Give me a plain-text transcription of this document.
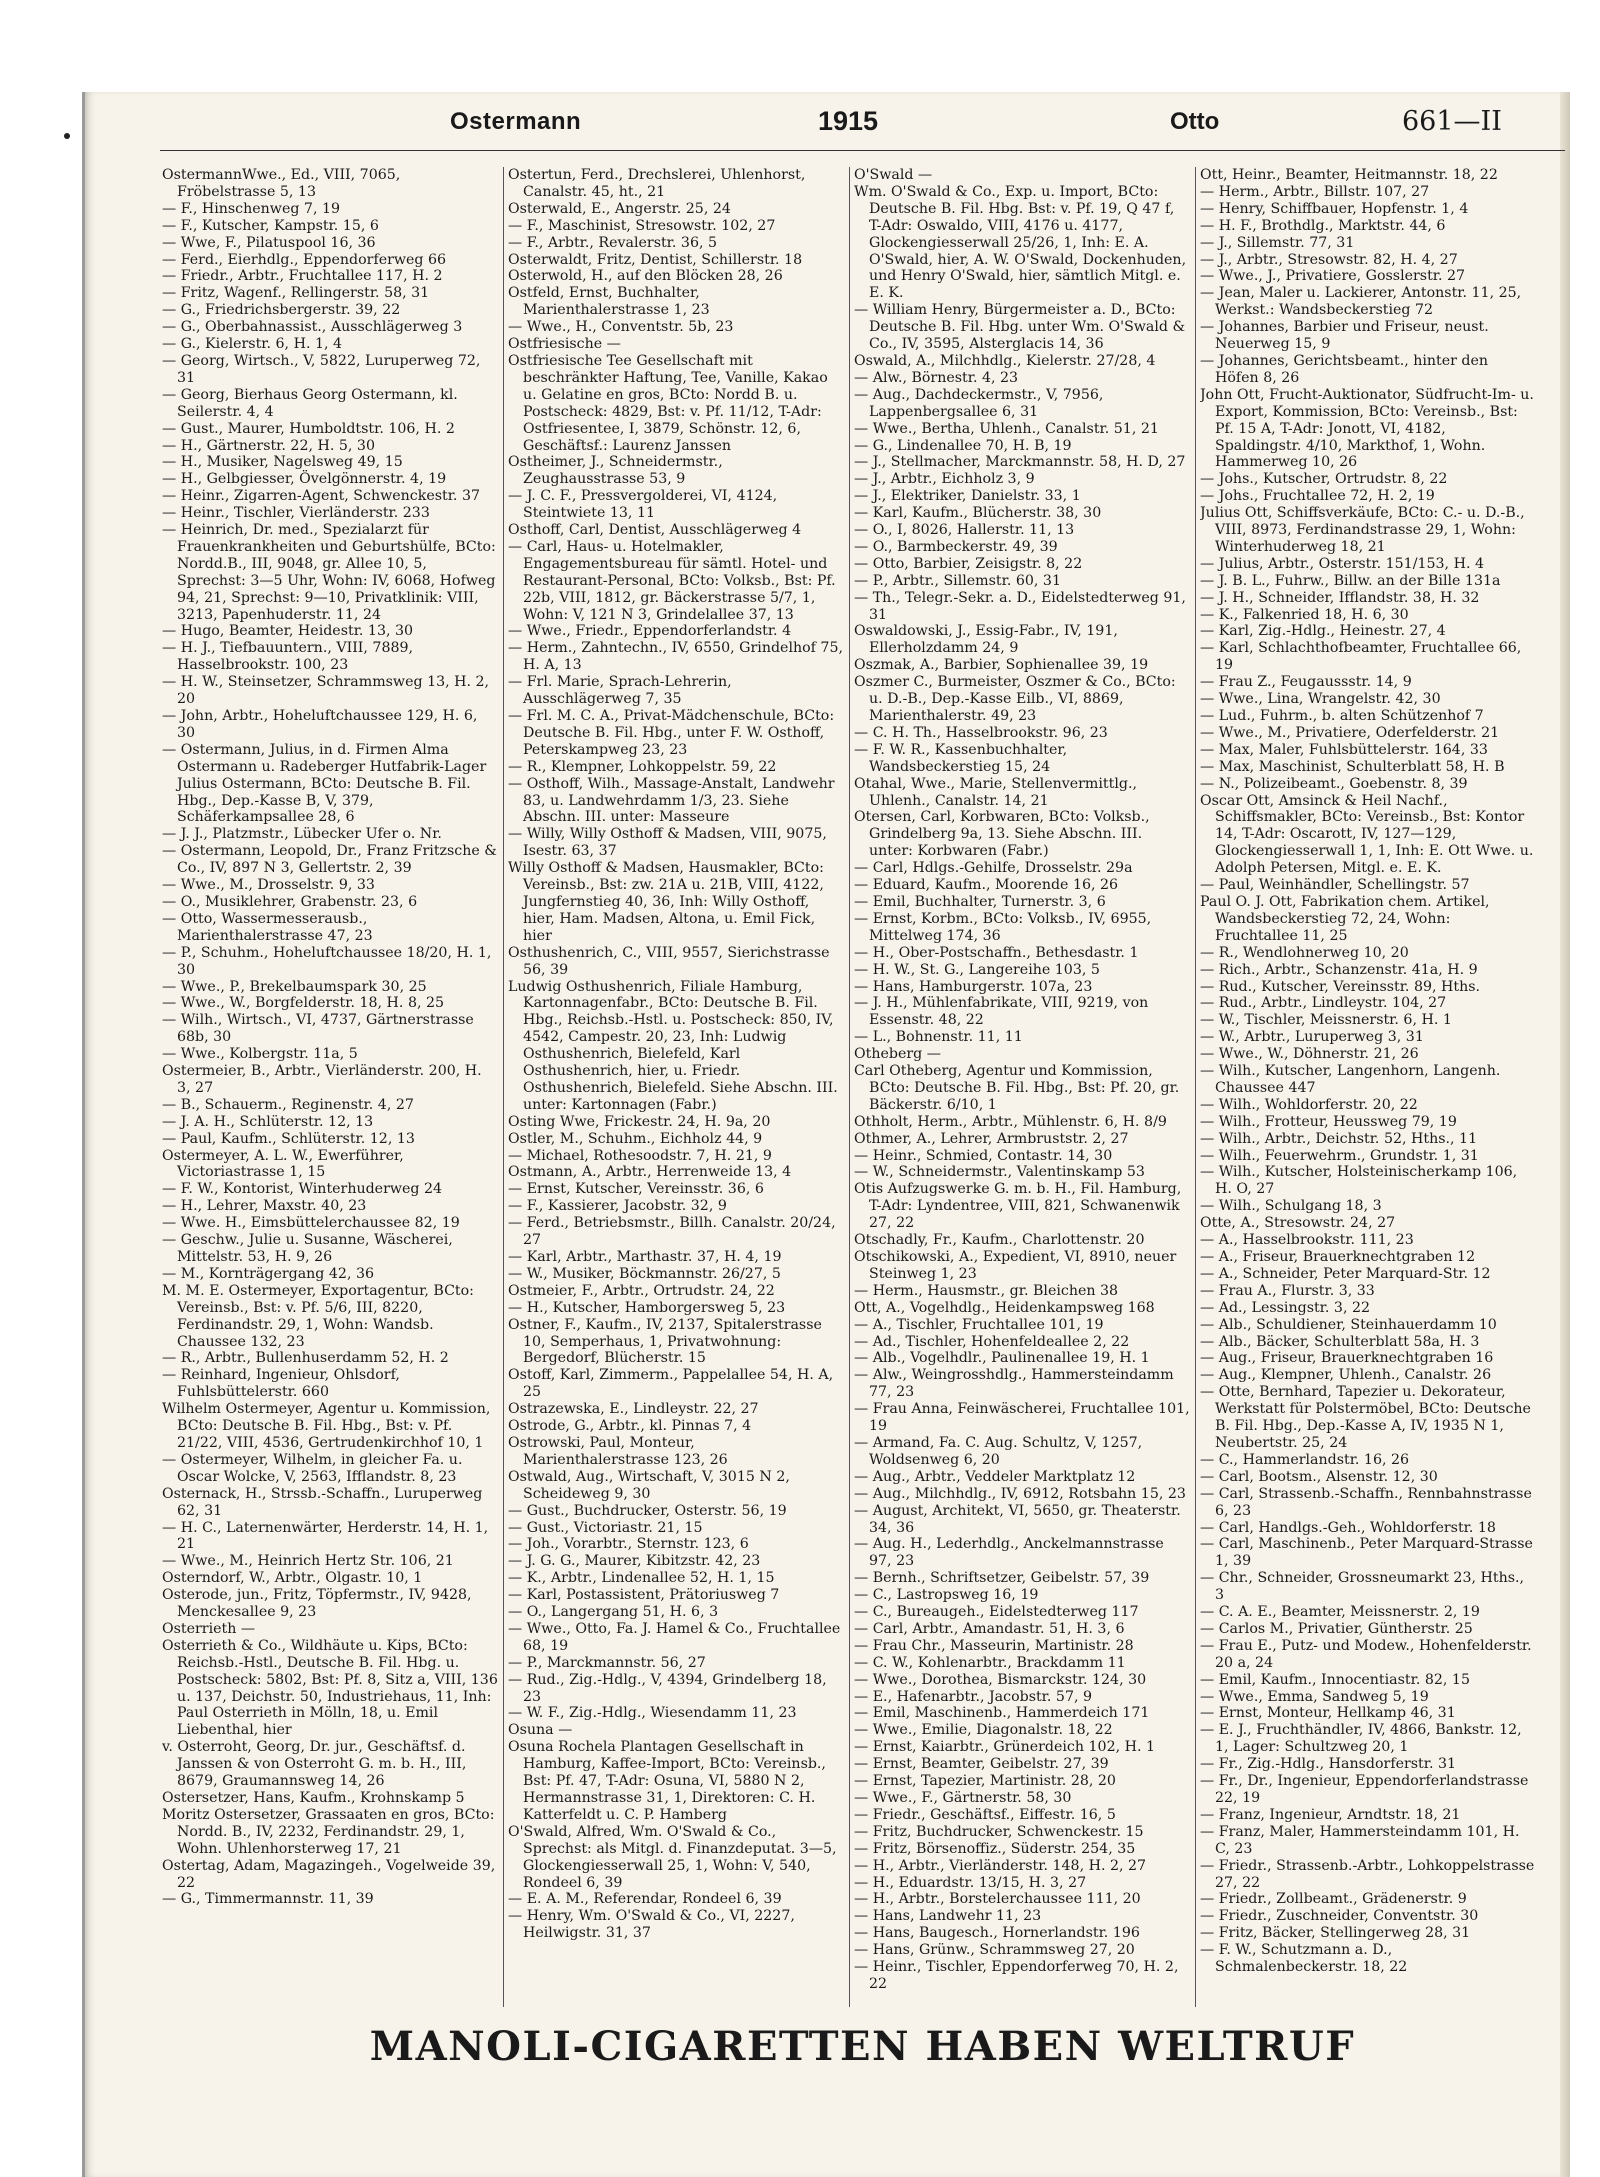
Ostermann	1915	Otto	661—II

OstermannWwe., Ed., VIII, 7065, Fröbelstrasse 5, 13

— F., Hinschenweg 7, 19

— F., Kutscher, Kampstr. 15, 6

— Wwe, F., Pilatuspool 16, 36

— Ferd., Eierhdlg., Eppendorferweg 66

— Friedr., Arbtr., Fruchtallee 117, H. 2

— Fritz, Wagenf., Rellingerstr. 58, 31

— G., Friedrichsbergerstr. 39, 22

— G., Oberbahnassist., Ausschlägerweg 3

— G., Kielerstr. 6, H. 1, 4

— Georg, Wirtsch., V, 5822, Luruperweg 72, 31

— Georg, Bierhaus Georg Ostermann, kl. Seilerstr. 4, 4

— Gust., Maurer, Humboldtstr. 106, H. 2

— H., Gärtnerstr. 22, H. 5, 30

— H., Musiker, Nagelsweg 49, 15

— H., Gelbgiesser, Övelgönnerstr. 4, 19

— Heinr., Zigarren-Agent, Schwenckestr. 37

— Heinr., Tischler, Vierländerstr. 233

— Heinrich, Dr. med., Spezialarzt für Frauenkrankheiten und Geburtshülfe, BCto: Nordd.B., III, 9048, gr. Allee 10, 5, Sprechst: 3—5 Uhr, Wohn: IV, 6068, Hofweg 94, 21, Sprechst: 9—10, Privatklinik: VIII, 3213, Papenhuderstr. 11, 24

— Hugo, Beamter, Heidestr. 13, 30

— H. J., Tiefbauuntern., VIII, 7889, Hasselbrookstr. 100, 23

— H. W., Steinsetzer, Schrammsweg 13, H. 2, 20

— John, Arbtr., Hoheluftchaussee 129, H. 6, 30

— Ostermann, Julius, in d. Firmen Alma Ostermann u. Radeberger Hutfabrik-Lager Julius Ostermann, BCto: Deutsche B. Fil. Hbg., Dep.-Kasse B, V, 379, Schäferkampsallee 28, 6

— J. J., Platzmstr., Lübecker Ufer o. Nr.

— Ostermann, Leopold, Dr., Franz Fritzsche & Co., IV, 897 N 3, Gellertstr. 2, 39

— Wwe., M., Drosselstr. 9, 33

— O., Musiklehrer, Grabenstr. 23, 6

— Otto, Wassermesserausb., Marienthalerstrasse 47, 23

— P., Schuhm., Hoheluftchaussee 18/20, H. 1, 30

— Wwe., P., Brekelbaumspark 30, 25

— Wwe., W., Borgfelderstr. 18, H. 8, 25

— Wilh., Wirtsch., VI, 4737, Gärtnerstrasse 68b, 30

— Wwe., Kolbergstr. 11a, 5

Ostermeier, B., Arbtr., Vierländerstr. 200, H. 3, 27

— B., Schauerm., Reginenstr. 4, 27

— J. A. H., Schlüterstr. 12, 13

— Paul, Kaufm., Schlüterstr. 12, 13

Ostermeyer, A. L. W., Ewerführer, Victoriastrasse 1, 15

— F. W., Kontorist, Winterhuderweg 24

— H., Lehrer, Maxstr. 40, 23

— Wwe. H., Eimsbüttelerchaussee 82, 19

— Geschw., Julie u. Susanne, Wäscherei, Mittelstr. 53, H. 9, 26

— M., Kornträgergang 42, 36

M. M. E. Ostermeyer, Exportagentur, BCto: Vereinsb., Bst: v. Pf. 5/6, III, 8220, Ferdinandstr. 29, 1, Wohn: Wandsb. Chaussee 132, 23

— R., Arbtr., Bullenhuserdamm 52, H. 2

— Reinhard, Ingenieur, Ohlsdorf, Fuhlsbüttelerstr. 660

Wilhelm Ostermeyer, Agentur u. Kommission, BCto: Deutsche B. Fil. Hbg., Bst: v. Pf. 21/22, VIII, 4536, Gertrudenkirchhof 10, 1

— Ostermeyer, Wilhelm, in gleicher Fa. u. Oscar Wolcke, V, 2563, Ifflandstr. 8, 23

Osternack, H., Strssb.-Schaffn., Luruperweg 62, 31

— H. C., Laternenwärter, Herderstr. 14, H. 1, 21

— Wwe., M., Heinrich Hertz Str. 106, 21

Osterndorf, W., Arbtr., Olgastr. 10, 1

Osterode, jun., Fritz, Töpfermstr., IV, 9428, Menckesallee 9, 23

Osterrieth —

Osterrieth & Co., Wildhäute u. Kips, BCto: Reichsb.-Hstl., Deutsche B. Fil. Hbg. u. Postscheck: 5802, Bst: Pf. 8, Sitz a, VIII, 136 u. 137, Deichstr. 50, Industriehaus, 11, Inh: Paul Osterrieth in Mölln, 18, u. Emil Liebenthal, hier

v. Osterroht, Georg, Dr. jur., Geschäftsf. d. Janssen & von Osterroht G. m. b. H., III, 8679, Graumannsweg 14, 26

Ostersetzer, Hans, Kaufm., Krohnskamp 5

Moritz Ostersetzer, Grassaaten en gros, BCto: Nordd. B., IV, 2232, Ferdinandstr. 29, 1, Wohn. Uhlenhorsterweg 17, 21

Ostertag, Adam, Magazingeh., Vogelweide 39, 22

— G., Timmermannstr. 11, 39

Ostertun, Ferd., Drechslerei, Uhlenhorst, Canalstr. 45, ht., 21

Osterwald, E., Angerstr. 25, 24

— F., Maschinist, Stresowstr. 102, 27

— F., Arbtr., Revalerstr. 36, 5

Osterwaldt, Fritz, Dentist, Schillerstr. 18

Osterwold, H., auf den Blöcken 28, 26

Ostfeld, Ernst, Buchhalter, Marienthalerstrasse 1, 23

— Wwe., H., Conventstr. 5b, 23

Ostfriesische —

Ostfriesische Tee Gesellschaft mit beschränkter Haftung, Tee, Vanille, Kakao u. Gelatine en gros, BCto: Nordd B. u. Postscheck: 4829, Bst: v. Pf. 11/12, T-Adr: Ostfriesentee, I, 3879, Schönstr. 12, 6, Geschäftsf.: Laurenz Janssen

Ostheimer, J., Schneidermstr., Zeughausstrasse 53, 9

— J. C. F., Pressvergolderei, VI, 4124, Steintwiete 13, 11

Osthoff, Carl, Dentist, Ausschlägerweg 4

— Carl, Haus- u. Hotelmakler, Engagementsbureau für sämtl. Hotel- und Restaurant-Personal, BCto: Volksb., Bst: Pf. 22b, VIII, 1812, gr. Bäckerstrasse 5/7, 1, Wohn: V, 121 N 3, Grindelallee 37, 13

— Wwe., Friedr., Eppendorferlandstr. 4

— Herm., Zahntechn., IV, 6550, Grindelhof 75, H. A, 13

— Frl. Marie, Sprach-Lehrerin, Ausschlägerweg 7, 35

— Frl. M. C. A., Privat-Mädchenschule, BCto: Deutsche B. Fil. Hbg., unter F. W. Osthoff, Peterskampweg 23, 23

— R., Klempner, Lohkoppelstr. 59, 22

— Osthoff, Wilh., Massage-Anstalt, Landwehr 83, u. Landwehrdamm 1/3, 23. Siehe Abschn. III. unter: Masseure

— Willy, Willy Osthoff & Madsen, VIII, 9075, Isestr. 63, 37

Willy Osthoff & Madsen, Hausmakler, BCto: Vereinsb., Bst: zw. 21A u. 21B, VIII, 4122, Jungfernstieg 40, 36, Inh: Willy Osthoff, hier, Ham. Madsen, Altona, u. Emil Fick, hier

Osthushenrich, C., VIII, 9557, Sierichstrasse 56, 39

Ludwig Osthushenrich, Filiale Hamburg, Kartonnagenfabr., BCto: Deutsche B. Fil. Hbg., Reichsb.-Hstl. u. Postscheck: 850, IV, 4542, Campestr. 20, 23, Inh: Ludwig Osthushenrich, Bielefeld, Karl Osthushenrich, hier, u. Friedr. Osthushenrich, Bielefeld. Siehe Abschn. III. unter: Kartonnagen (Fabr.)

Osting Wwe, Frickestr. 24, H. 9a, 20

Ostler, M., Schuhm., Eichholz 44, 9

— Michael, Rothesoodstr. 7, H. 21, 9

Ostmann, A., Arbtr., Herrenweide 13, 4

— Ernst, Kutscher, Vereinsstr. 36, 6

— F., Kassierer, Jacobstr. 32, 9

— Ferd., Betriebsmstr., Billh. Canalstr. 20/24, 27

— Karl, Arbtr., Marthastr. 37, H. 4, 19

— W., Musiker, Böckmannstr. 26/27, 5

Ostmeier, F., Arbtr., Ortrudstr. 24, 22

— H., Kutscher, Hamborgersweg 5, 23

Ostner, F., Kaufm., IV, 2137, Spitalerstrasse 10, Semperhaus, 1, Privatwohnung: Bergedorf, Blücherstr. 15

Ostoff, Karl, Zimmerm., Pappelallee 54, H. A, 25

Ostrazewska, E., Lindleystr. 22, 27

Ostrode, G., Arbtr., kl. Pinnas 7, 4

Ostrowski, Paul, Monteur, Marienthalerstrasse 123, 26

Ostwald, Aug., Wirtschaft, V, 3015 N 2, Scheideweg 9, 30

— Gust., Buchdrucker, Osterstr. 56, 19

— Gust., Victoriastr. 21, 15

— Joh., Vorarbtr., Sternstr. 123, 6

— J. G. G., Maurer, Kibitzstr. 42, 23

— K., Arbtr., Lindenallee 52, H. 1, 15

— Karl, Postassistent, Prätoriusweg 7

— O., Langergang 51, H. 6, 3

— Wwe., Otto, Fa. J. Hamel & Co., Fruchtallee 68, 19

— P., Marckmannstr. 56, 27

— Rud., Zig.-Hdlg., V, 4394, Grindelberg 18, 23

— W. F., Zig.-Hdlg., Wiesendamm 11, 23

Osuna —

Osuna Rochela Plantagen Gesellschaft in Hamburg, Kaffee-Import, BCto: Vereinsb., Bst: Pf. 47, T-Adr: Osuna, VI, 5880 N 2, Hermannstrasse 31, 1, Direktoren: C. H. Katterfeldt u. C. P. Hamberg

O'Swald, Alfred, Wm. O'Swald & Co., Sprechst: als Mitgl. d. Finanzdeputat. 3—5, Glockengiesserwall 25, 1, Wohn: V, 540, Rondeel 6, 39

— E. A. M., Referendar, Rondeel 6, 39

— Henry, Wm. O'Swald & Co., VI, 2227, Heilwigstr. 31, 37

O'Swald —

Wm. O'Swald & Co., Exp. u. Import, BCto: Deutsche B. Fil. Hbg. Bst: v. Pf. 19, Q 47 f, T-Adr: Oswaldo, VIII, 4176 u. 4177, Glockengiesserwall 25/26, 1, Inh: E. A. O'Swald, hier, A. W. O'Swald, Dockenhuden, und Henry O'Swald, hier, sämtlich Mitgl. e. E. K.

— William Henry, Bürgermeister a. D., BCto: Deutsche B. Fil. Hbg. unter Wm. O'Swald & Co., IV, 3595, Alsterglacis 14, 36

Oswald, A., Milchhdlg., Kielerstr. 27/28, 4

— Alw., Börnestr. 4, 23

— Aug., Dachdeckermstr., V, 7956, Lappenbergsallee 6, 31

— Wwe., Bertha, Uhlenh., Canalstr. 51, 21

— G., Lindenallee 70, H. B, 19

— J., Stellmacher, Marckmannstr. 58, H. D, 27

— J., Arbtr., Eichholz 3, 9

— J., Elektriker, Danielstr. 33, 1

— Karl, Kaufm., Blücherstr. 38, 30

— O., I, 8026, Hallerstr. 11, 13

— O., Barmbeckerstr. 49, 39

— Otto, Barbier, Zeisigstr. 8, 22

— P., Arbtr., Sillemstr. 60, 31

— Th., Telegr.-Sekr. a. D., Eidelstedterweg 91, 31

Oswaldowski, J., Essig-Fabr., IV, 191, Ellerholzdamm 24, 9

Oszmak, A., Barbier, Sophienallee 39, 19

Oszmer C., Burmeister, Oszmer & Co., BCto: u. D.-B., Dep.-Kasse Eilb., VI, 8869, Marienthalerstr. 49, 23

— C. H. Th., Hasselbrookstr. 96, 23

— F. W. R., Kassenbuchhalter, Wandsbeckerstieg 15, 24

Otahal, Wwe., Marie, Stellenvermittlg., Uhlenh., Canalstr. 14, 21

Otersen, Carl, Korbwaren, BCto: Volksb., Grindelberg 9a, 13. Siehe Abschn. III. unter: Korbwaren (Fabr.)

— Carl, Hdlgs.-Gehilfe, Drosselstr. 29a

— Eduard, Kaufm., Moorende 16, 26

— Emil, Buchhalter, Turnerstr. 3, 6

— Ernst, Korbm., BCto: Volksb., IV, 6955, Mittelweg 174, 36

— H., Ober-Postschaffn., Bethesdastr. 1

— H. W., St. G., Langereihe 103, 5

— Hans, Hamburgerstr. 107a, 23

— J. H., Mühlenfabrikate, VIII, 9219, von Essenstr. 48, 22

— L., Bohnenstr. 11, 11

Otheberg —

Carl Otheberg, Agentur und Kommission, BCto: Deutsche B. Fil. Hbg., Bst: Pf. 20, gr. Bäckerstr. 6/10, 1

Othholt, Herm., Arbtr., Mühlenstr. 6, H. 8/9

Othmer, A., Lehrer, Armbruststr. 2, 27

— Heinr., Schmied, Contastr. 14, 30

— W., Schneidermstr., Valentinskamp 53

Otis Aufzugswerke G. m. b. H., Fil. Hamburg, T-Adr: Lyndentree, VIII, 821, Schwanenwik 27, 22

Otschadly, Fr., Kaufm., Charlottenstr. 20

Otschikowski, A., Expedient, VI, 8910, neuer Steinweg 1, 23

— Herm., Hausmstr., gr. Bleichen 38

Ott, A., Vogelhdlg., Heidenkampsweg 168

— A., Tischler, Fruchtallee 101, 19

— Ad., Tischler, Hohenfeldeallee 2, 22

— Alb., Vogelhdlr., Paulinenallee 19, H. 1

— Alw., Weingrosshdlg., Hammersteindamm 77, 23

— Frau Anna, Feinwäscherei, Fruchtallee 101, 19

— Armand, Fa. C. Aug. Schultz, V, 1257, Woldsenweg 6, 20

— Aug., Arbtr., Veddeler Marktplatz 12

— Aug., Milchhdlg., IV, 6912, Rotsbahn 15, 23

— August, Architekt, VI, 5650, gr. Theaterstr. 34, 36

— Aug. H., Lederhdlg., Anckelmannstrasse 97, 23

— Bernh., Schriftsetzer, Geibelstr. 57, 39

— C., Lastropsweg 16, 19

— C., Bureaugeh., Eidelstedterweg 117

— Carl, Arbtr., Amandastr. 51, H. 3, 6

— Frau Chr., Masseurin, Martinistr. 28

— C. W., Kohlenarbtr., Brackdamm 11

— Wwe., Dorothea, Bismarckstr. 124, 30

— E., Hafenarbtr., Jacobstr. 57, 9

— Emil, Maschinenb., Hammerdeich 171

— Wwe., Emilie, Diagonalstr. 18, 22

— Ernst, Kaiarbtr., Grünerdeich 102, H. 1

— Ernst, Beamter, Geibelstr. 27, 39

— Ernst, Tapezier, Martinistr. 28, 20

— Wwe., F., Gärtnerstr. 58, 30

— Friedr., Geschäftsf., Eiffestr. 16, 5

— Fritz, Buchdrucker, Schwenckestr. 15

— Fritz, Börsenoffiz., Süderstr. 254, 35

— H., Arbtr., Vierländerstr. 148, H. 2, 27

— H., Eduardstr. 13/15, H. 3, 27

— H., Arbtr., Borstelerchaussee 111, 20

— Hans, Landwehr 11, 23

— Hans, Baugesch., Hornerlandstr. 196

— Hans, Grünw., Schrammsweg 27, 20

— Heinr., Tischler, Eppendorferweg 70, H. 2, 22

Ott, Heinr., Beamter, Heitmannstr. 18, 22

— Herm., Arbtr., Billstr. 107, 27

— Henry, Schiffbauer, Hopfenstr. 1, 4

— H. F., Brothdlg., Marktstr. 44, 6

— J., Sillemstr. 77, 31

— J., Arbtr., Stresowstr. 82, H. 4, 27

— Wwe., J., Privatiere, Gosslerstr. 27

— Jean, Maler u. Lackierer, Antonstr. 11, 25, Werkst.: Wandsbeckerstieg 72

— Johannes, Barbier und Friseur, neust. Neuerweg 15, 9

— Johannes, Gerichtsbeamt., hinter den Höfen 8, 26

John Ott, Frucht-Auktionator, Südfrucht-Im- u. Export, Kommission, BCto: Vereinsb., Bst: Pf. 15 A, T-Adr: Jonott, VI, 4182, Spaldingstr. 4/10, Markthof, 1, Wohn. Hammerweg 10, 26

— Johs., Kutscher, Ortrudstr. 8, 22

— Johs., Fruchtallee 72, H. 2, 19

Julius Ott, Schiffsverkäufe, BCto: C.- u. D.-B., VIII, 8973, Ferdinandstrasse 29, 1, Wohn: Winterhuderweg 18, 21

— Julius, Arbtr., Osterstr. 151/153, H. 4

— J. B. L., Fuhrw., Billw. an der Bille 131a

— J. H., Schneider, Ifflandstr. 38, H. 32

— K., Falkenried 18, H. 6, 30

— Karl, Zig.-Hdlg., Heinestr. 27, 4

— Karl, Schlachthofbeamter, Fruchtallee 66, 19

— Frau Z., Feugaussstr. 14, 9

— Wwe., Lina, Wrangelstr. 42, 30

— Lud., Fuhrm., b. alten Schützenhof 7

— Wwe., M., Privatiere, Oderfelderstr. 21

— Max, Maler, Fuhlsbüttelerstr. 164, 33

— Max, Maschinist, Schulterblatt 58, H. B

— N., Polizeibeamt., Goebenstr. 8, 39

Oscar Ott, Amsinck & Heil Nachf., Schiffsmakler, BCto: Vereinsb., Bst: Kontor 14, T-Adr: Oscarott, IV, 127—129, Glockengiesserwall 1, 1, Inh: E. Ott Wwe. u. Adolph Petersen, Mitgl. e. E. K.

— Paul, Weinhändler, Schellingstr. 57

Paul O. J. Ott, Fabrikation chem. Artikel, Wandsbeckerstieg 72, 24, Wohn: Fruchtallee 11, 25

— R., Wendlohnerweg 10, 20

— Rich., Arbtr., Schanzenstr. 41a, H. 9

— Rud., Kutscher, Vereinsstr. 89, Hths.

— Rud., Arbtr., Lindleystr. 104, 27

— W., Tischler, Meissnerstr. 6, H. 1

— W., Arbtr., Luruperweg 3, 31

— Wwe., W., Döhnerstr. 21, 26

— Wilh., Kutscher, Langenhorn, Langenh. Chaussee 447

— Wilh., Wohldorferstr. 20, 22

— Wilh., Frotteur, Heussweg 79, 19

— Wilh., Arbtr., Deichstr. 52, Hths., 11

— Wilh., Feuerwehrm., Grundstr. 1, 31

— Wilh., Kutscher, Holsteinischerkamp 106, H. O, 27

— Wilh., Schulgang 18, 3

Otte, A., Stresowstr. 24, 27

— A., Hasselbrookstr. 111, 23

— A., Friseur, Brauerknechtgraben 12

— A., Schneider, Peter Marquard-Str. 12

— Frau A., Flurstr. 3, 33

— Ad., Lessingstr. 3, 22

— Alb., Schuldiener, Steinhauerdamm 10

— Alb., Bäcker, Schulterblatt 58a, H. 3

— Aug., Friseur, Brauerknechtgraben 16

— Aug., Klempner, Uhlenh., Canalstr. 26

— Otte, Bernhard, Tapezier u. Dekorateur, Werkstatt für Polstermöbel, BCto: Deutsche B. Fil. Hbg., Dep.-Kasse A, IV, 1935 N 1, Neubertstr. 25, 24

— C., Hammerlandstr. 16, 26

— Carl, Bootsm., Alsenstr. 12, 30

— Carl, Strassenb.-Schaffn., Rennbahnstrasse 6, 23

— Carl, Handlgs.-Geh., Wohldorferstr. 18

— Carl, Maschinenb., Peter Marquard-Strasse 1, 39

— Chr., Schneider, Grossneumarkt 23, Hths., 3

— C. A. E., Beamter, Meissnerstr. 2, 19

— Carlos M., Privatier, Güntherstr. 25

— Frau E., Putz- und Modew., Hohenfelderstr. 20 a, 24

— Emil, Kaufm., Innocentiastr. 82, 15

— Wwe., Emma, Sandweg 5, 19

— Ernst, Monteur, Hellkamp 46, 31

— E. J., Fruchthändler, IV, 4866, Bankstr. 12, 1, Lager: Schultzweg 20, 1

— Fr., Zig.-Hdlg., Hansdorferstr. 31

— Fr., Dr., Ingenieur, Eppendorferlandstrasse 22, 19

— Franz, Ingenieur, Arndtstr. 18, 21

— Franz, Maler, Hammersteindamm 101, H. C, 23

— Friedr., Strassenb.-Arbtr., Lohkoppelstrasse 27, 22

— Friedr., Zollbeamt., Grädenerstr. 9

— Friedr., Zuschneider, Conventstr. 30

— Fritz, Bäcker, Stellingerweg 28, 31

— F. W., Schutzmann a. D., Schmalenbeckerstr. 18, 22

MANOLI-CIGARETTEN HABEN WELTRUF
